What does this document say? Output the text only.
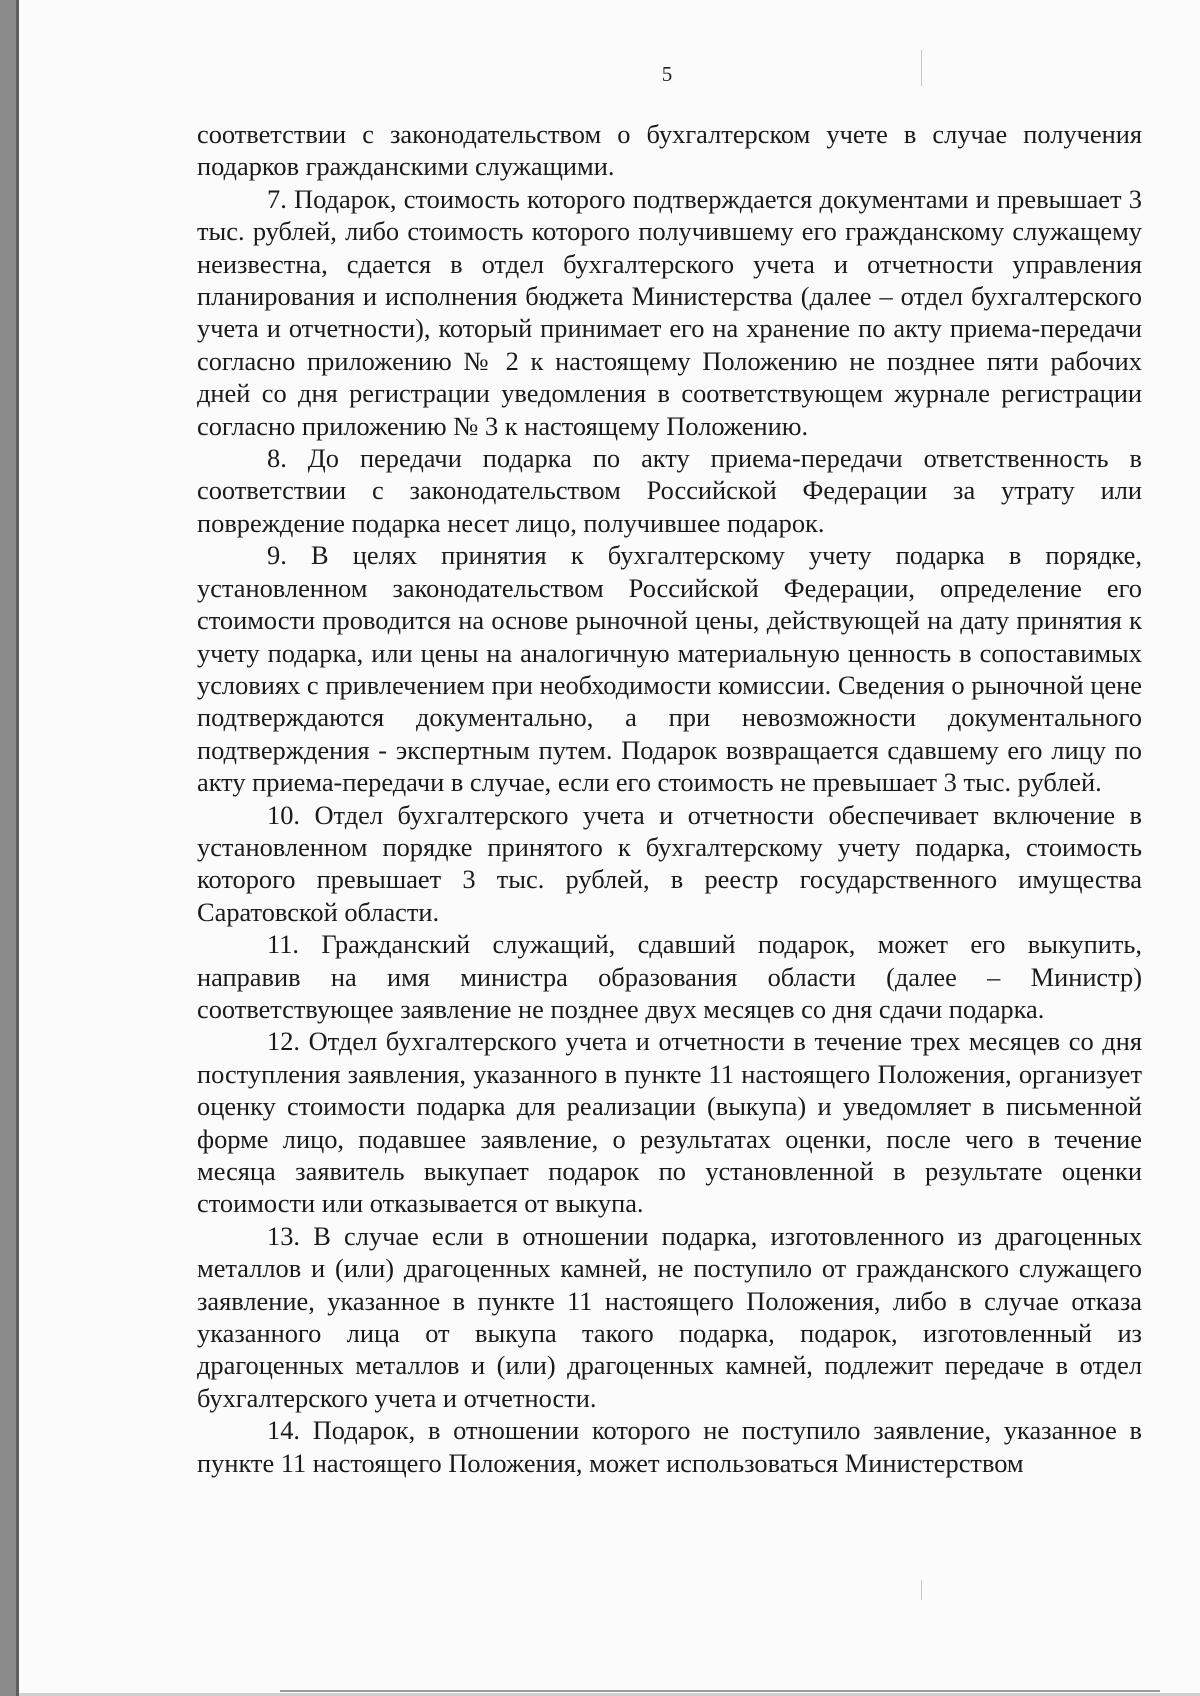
5

соответствии с законодательством о бухгалтерском учете в случае получения подарков гражданскими служащими.

7. Подарок, стоимость которого подтверждается документами и превышает 3 тыс. рублей, либо стоимость которого получившему его гражданскому служащему неизвестна, сдается в отдел бухгалтерского учета и отчетности управления планирования и исполнения бюджета Министерства (далее – отдел бухгалтерского учета и отчетности), который принимает его на хранение по акту приема-передачи согласно приложению № 2 к настоящему Положению не позднее пяти рабочих дней со дня регистрации уведомления в соответствующем журнале регистрации согласно приложению № 3 к настоящему Положению.

8. До передачи подарка по акту приема-передачи ответственность в соответствии с законодательством Российской Федерации за утрату или повреждение подарка несет лицо, получившее подарок.

9. В целях принятия к бухгалтерскому учету подарка в порядке, установленном законодательством Российской Федерации, определение его стоимости проводится на основе рыночной цены, действующей на дату принятия к учету подарка, или цены на аналогичную материальную ценность в сопоставимых условиях с привлечением при необходимости комиссии. Сведения о рыночной цене подтверждаются документально, а при невозможности документального подтверждения - экспертным путем. Подарок возвращается сдавшему его лицу по акту приема-передачи в случае, если его стоимость не превышает 3 тыс. рублей.

10. Отдел бухгалтерского учета и отчетности обеспечивает включение в установленном порядке принятого к бухгалтерскому учету подарка, стоимость которого превышает 3 тыс. рублей, в реестр государственного имущества Саратовской области.

11. Гражданский служащий, сдавший подарок, может его выкупить, направив на имя министра образования области (далее – Министр) соответствующее заявление не позднее двух месяцев со дня сдачи подарка.

12. Отдел бухгалтерского учета и отчетности в течение трех месяцев со дня поступления заявления, указанного в пункте 11 настоящего Положения, организует оценку стоимости подарка для реализации (выкупа) и уведомляет в письменной форме лицо, подавшее заявление, о результатах оценки, после чего в течение месяца заявитель выкупает подарок по установленной в результате оценки стоимости или отказывается от выкупа.

13. В случае если в отношении подарка, изготовленного из драгоценных металлов и (или) драгоценных камней, не поступило от гражданского служащего заявление, указанное в пункте 11 настоящего Положения, либо в случае отказа указанного лица от выкупа такого подарка, подарок, изготовленный из драгоценных металлов и (или) драгоценных камней, подлежит передаче в отдел бухгалтерского учета и отчетности.

14. Подарок, в отношении которого не поступило заявление, указанное в пункте 11 настоящего Положения, может использоваться Министерством
